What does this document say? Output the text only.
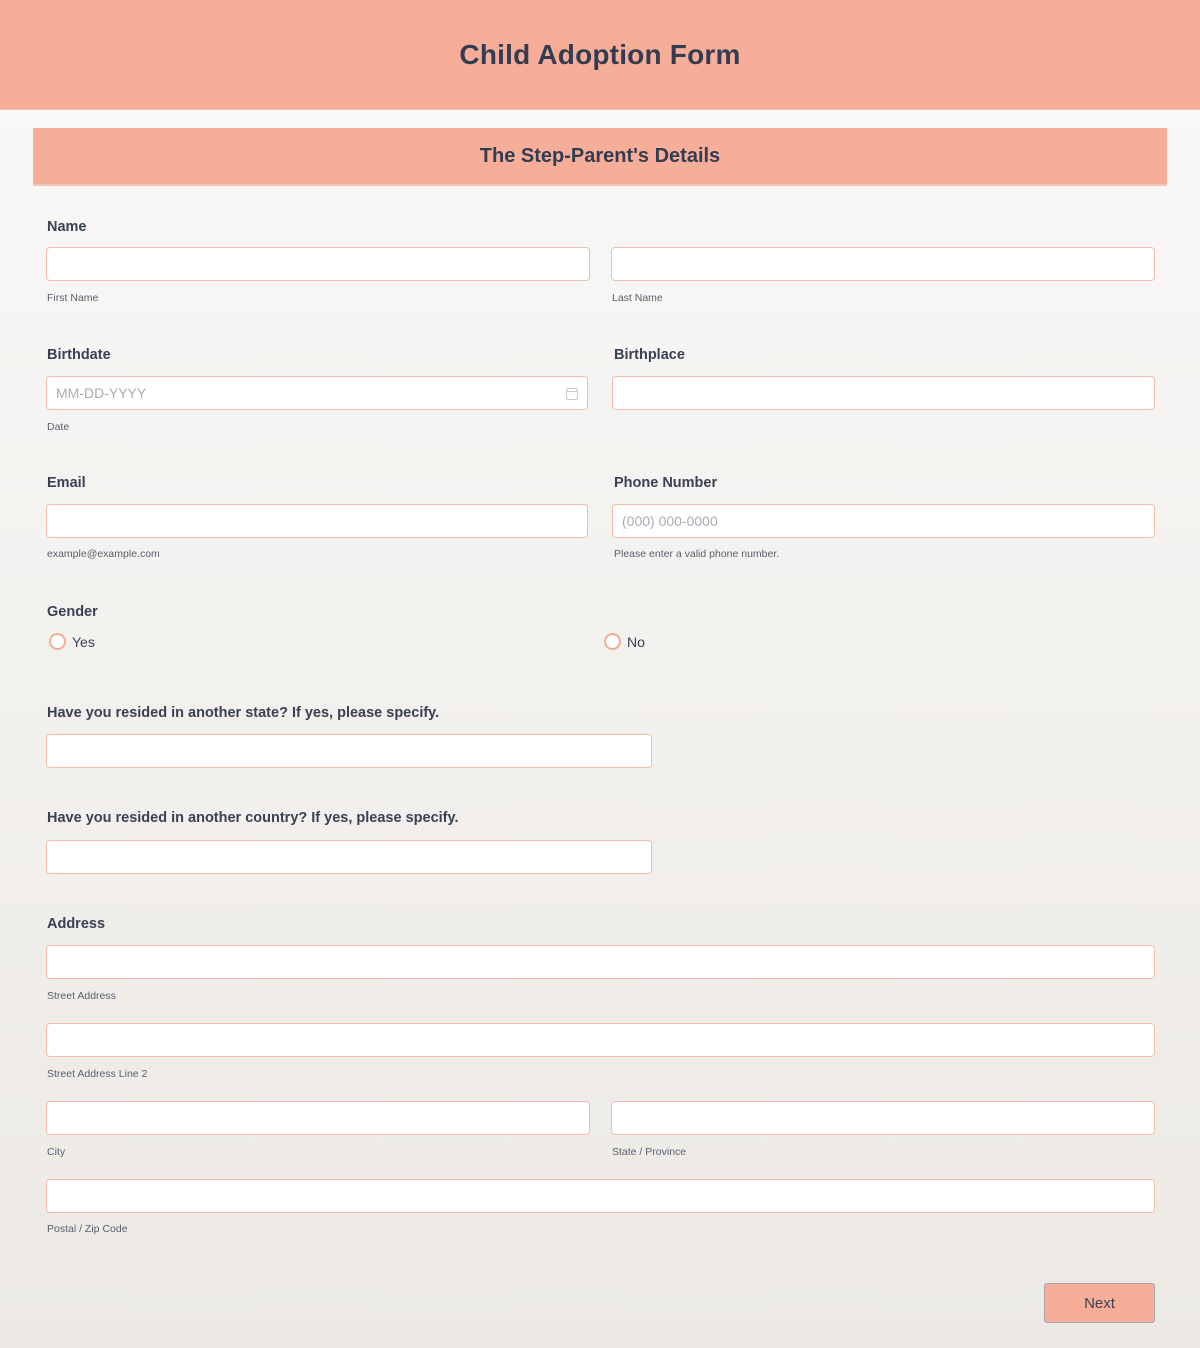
Child Adoption Form
The Step-Parent's Details
Name
First Name	Last Name
Birthdate
MM-DD-YYYY
Date
Birthplace
Email
example@example.com
Phone Number
(000) 000-0000
Please enter a valid phone number.
Gender
Yes	No
Have you resided in another state? If yes, please specify.
Have you resided in another country? If yes, please specify.
Address
Street Address
Street Address Line 2
City	State / Province
Postal / Zip Code
Next
